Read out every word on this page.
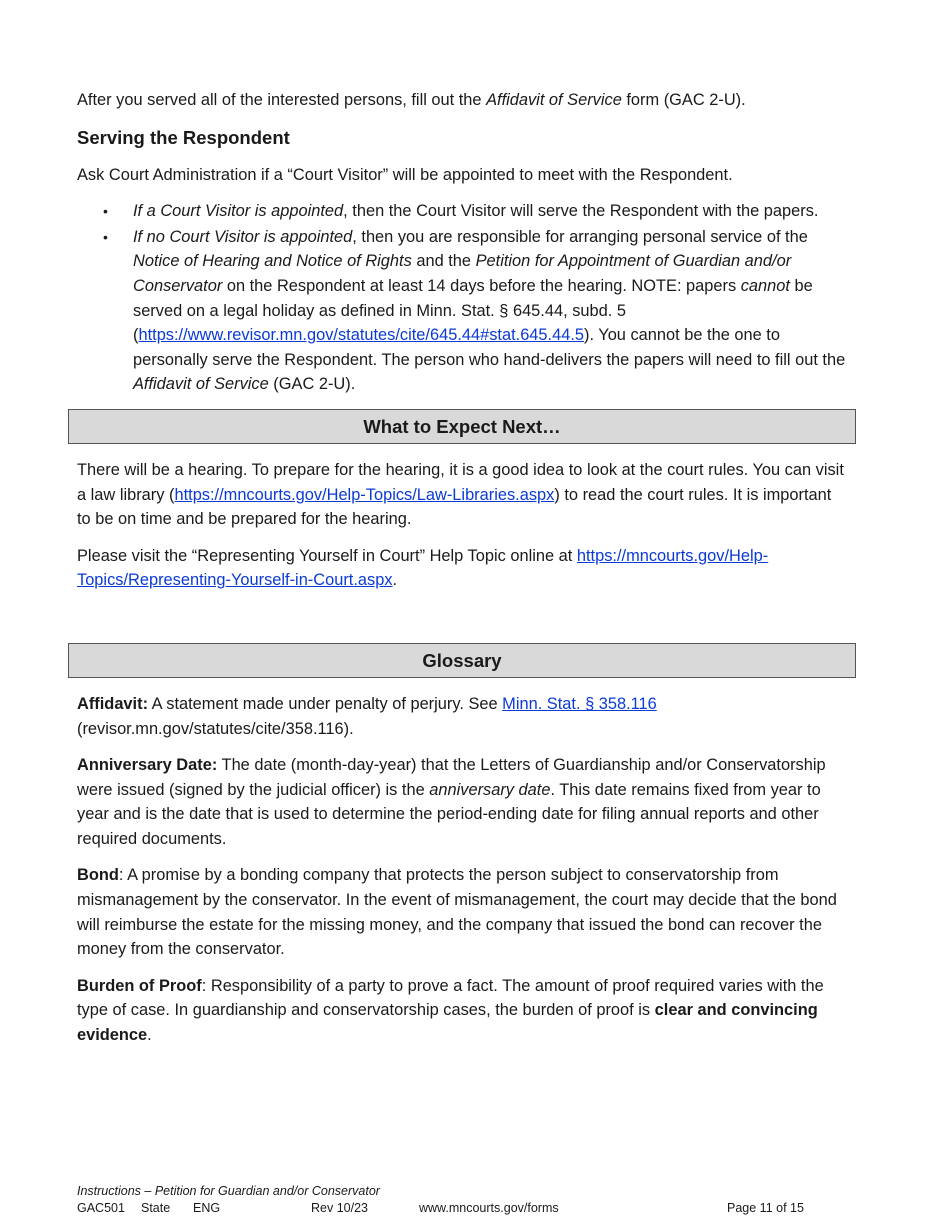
After you served all of the interested persons, fill out the Affidavit of Service form (GAC 2-U).

Serving the Respondent

Ask Court Administration if a “Court Visitor” will be appointed to meet with the Respondent.

• If a Court Visitor is appointed, then the Court Visitor will serve the Respondent with the papers.
• If no Court Visitor is appointed, then you are responsible for arranging personal service of the Notice of Hearing and Notice of Rights and the Petition for Appointment of Guardian and/or Conservator on the Respondent at least 14 days before the hearing. NOTE: papers cannot be served on a legal holiday as defined in Minn. Stat. § 645.44, subd. 5 (https://www.revisor.mn.gov/statutes/cite/645.44#stat.645.44.5). You cannot be the one to personally serve the Respondent. The person who hand-delivers the papers will need to fill out the Affidavit of Service (GAC 2-U).
What to Expect Next…

There will be a hearing. To prepare for the hearing, it is a good idea to look at the court rules. You can visit a law library (https://mncourts.gov/Help-Topics/Law-Libraries.aspx) to read the court rules. It is important to be on time and be prepared for the hearing.

Please visit the “Representing Yourself in Court” Help Topic online at https://mncourts.gov/Help-Topics/Representing-Yourself-in-Court.aspx.

Glossary

Affidavit: A statement made under penalty of perjury. See Minn. Stat. § 358.116 (revisor.mn.gov/statutes/cite/358.116).

Anniversary Date: The date (month-day-year) that the Letters of Guardianship and/or Conservatorship were issued (signed by the judicial officer) is the anniversary date. This date remains fixed from year to year and is the date that is used to determine the period-ending date for filing annual reports and other required documents.

Bond: A promise by a bonding company that protects the person subject to conservatorship from mismanagement by the conservator. In the event of mismanagement, the court may decide that the bond will reimburse the estate for the missing money, and the company that issued the bond can recover the money from the conservator.

Burden of Proof: Responsibility of a party to prove a fact. The amount of proof required varies with the type of case. In guardianship and conservatorship cases, the burden of proof is clear and convincing evidence.

Instructions – Petition for Guardian and/or Conservator
GAC501 State ENG	Rev 10/23	www.mncourts.gov/forms	Page 11 of 15
